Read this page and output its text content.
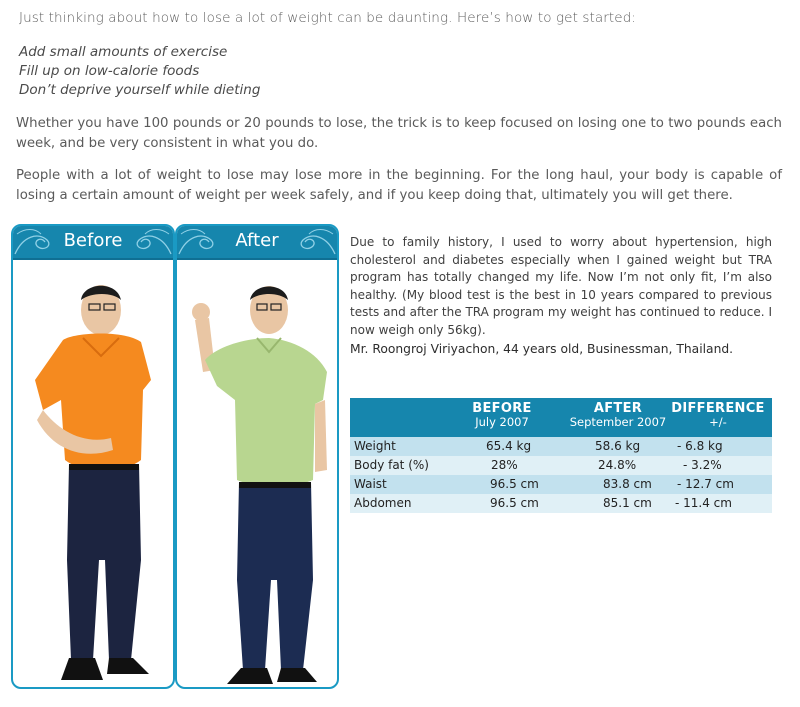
Just thinking about how to lose a lot of weight can be daunting. Here’s how to get started:
Add small amounts of exercise
Fill up on low-calorie foods
Don’t deprive yourself while dieting
Whether you have 100 pounds or 20 pounds to lose, the trick is to keep focused on losing one to two pounds each week, and be very consistent in what you do.
People with a lot of weight to lose may lose more in the beginning. For the long haul, your body is capable of losing a certain amount of weight per week safely, and if you keep doing that, ultimately you will get there.
Before	After	Due to family history, I used to worry about hypertension, high cholesterol and diabetes especially when I gained weight but TRA program has totally changed my life. Now I’m not only fit, I’m also healthy. (My blood test is the best in 10 years compared to previous tests and after the TRA program my weight has continued to reduce. I now weigh only 56kg).
Mr. Roongroj Viriyachon, 44 years old, Businessman, Thailand.
BEFORE
July 2007
AFTER
September 2007
DIFFERENCE
+/-
Weight	65.4 kg	58.6 kg	- 6.8 kg
Body fat (%)	28%	24.8%	- 3.2%
Waist	96.5 cm	83.8 cm - 12.7 cm
Abdomen	96.5 cm	85.1 cm - 11.4 cm
